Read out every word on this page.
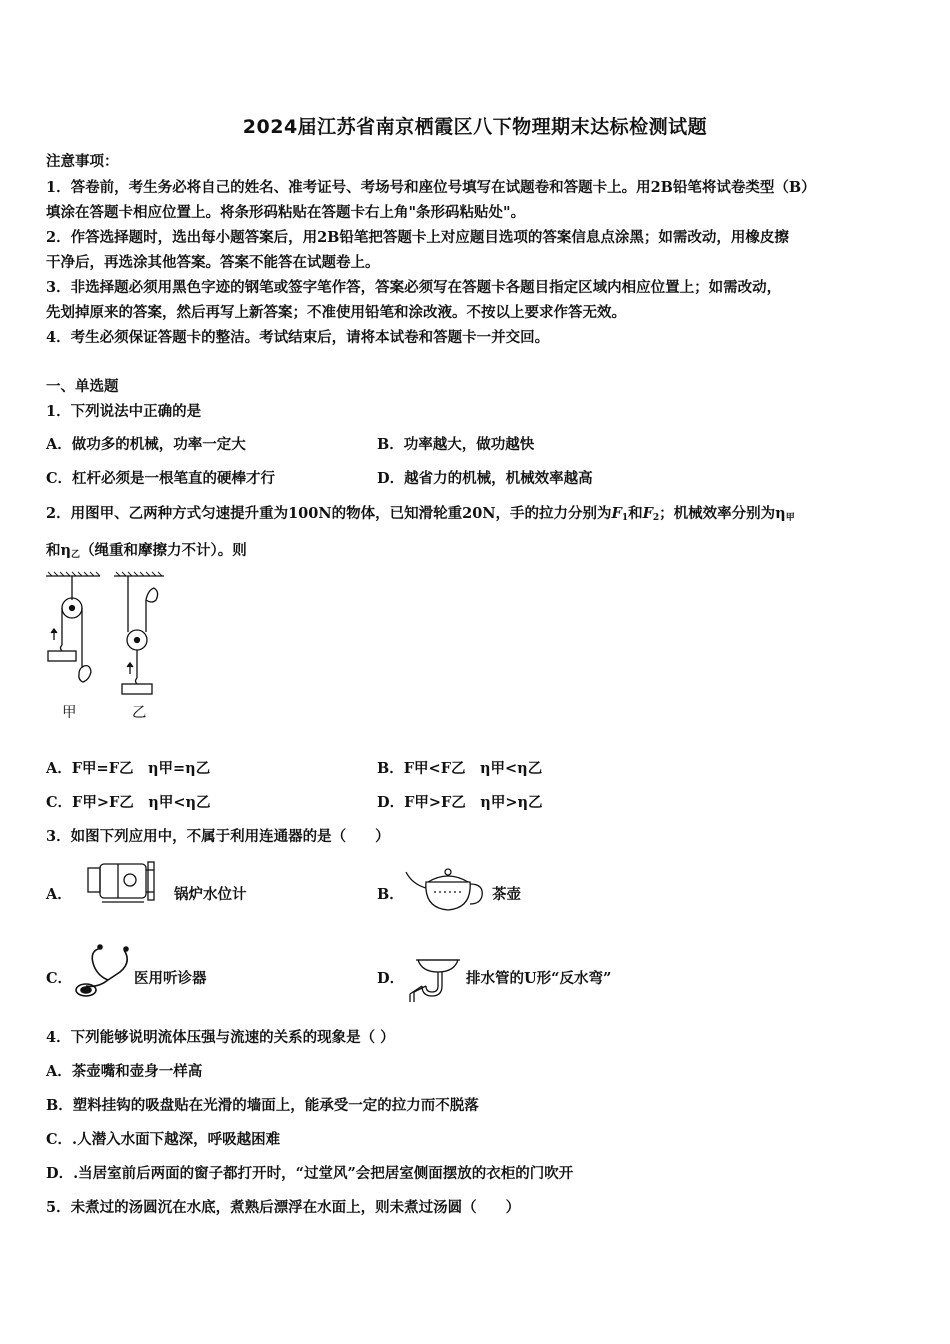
2024届江苏省南京栖霞区八下物理期末达标检测试题
注意事项：
1．答卷前，考生务必将自己的姓名、准考证号、考场号和座位号填写在试题卷和答题卡上。用2B铅笔将试卷类型（B）
填涂在答题卡相应位置上。将条形码粘贴在答题卡右上角"条形码粘贴处"。
2．作答选择题时，选出每小题答案后，用2B铅笔把答题卡上对应题目选项的答案信息点涂黑；如需改动，用橡皮擦
干净后，再选涂其他答案。答案不能答在试题卷上。
3．非选择题必须用黑色字迹的钢笔或签字笔作答，答案必须写在答题卡各题目指定区域内相应位置上；如需改动，
先划掉原来的答案，然后再写上新答案；不准使用铅笔和涂改液。不按以上要求作答无效。
4．考生必须保证答题卡的整洁。考试结束后，请将本试卷和答题卡一并交回。
一、单选题
1．下列说法中正确的是
A．做功多的机械，功率一定大	B．功率越大，做功越快
C．杠杆必须是一根笔直的硬棒才行	D．越省力的机械，机械效率越高
2．用图甲、乙两种方式匀速提升重为100N的物体，已知滑轮重20N，手的拉力分别为$F_1$和$F_2$；机械效率分别为$\eta_甲$
和$\eta_乙$（绳重和摩擦力不计）。则
甲	乙
A．F甲=F乙　η甲=η乙	B．F甲<F乙　η甲<η乙
C．F甲>F乙　η甲<η乙	D．F甲>F乙　η甲>η乙
3．如图下列应用中，不属于利用连通器的是（　　）
A．	锅炉水位计	B．	茶壶
C．	医用听诊器	D．	排水管的U形“反水弯”
4．下列能够说明流体压强与流速的关系的现象是（ ）
A．茶壶嘴和壶身一样高
B．塑料挂钩的吸盘贴在光滑的墙面上，能承受一定的拉力而不脱落
C．.人潜入水面下越深，呼吸越困难
D．.当居室前后两面的窗子都打开时，“过堂风”会把居室侧面摆放的衣柜的门吹开
5．未煮过的汤圆沉在水底，煮熟后漂浮在水面上，则未煮过汤圆（　　）
